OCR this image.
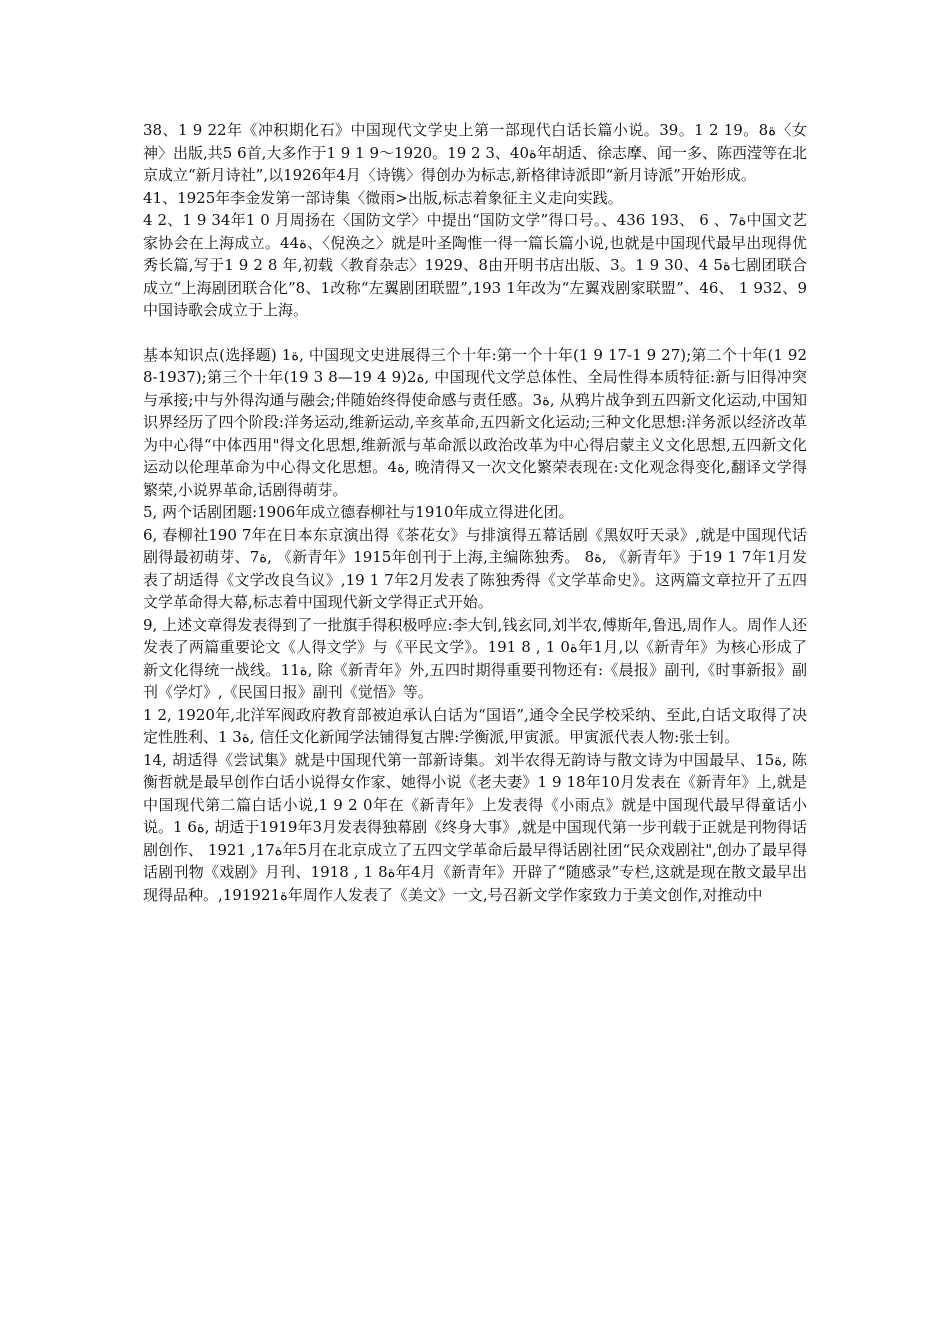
38、1 9 22年《冲积期化石》中国现代文学史上第一部现代白话长篇小说。ة8。19 2 1。39〈女神〉出版,共5 6首,大多作于1 9 1 9～1920。19 2 3、40ة年胡适、徐志摩、闻一多、陈西滢等在北京成立“新月诗社”,以1926年4月〈诗镌〉得创办为标志,新格律诗派即“新月诗派”开始形成。

41、1925年李金发第一部诗集〈微雨>出版,标志着象征主义走向实践。

4 2、1 9 34年1 0 月周扬在〈国防文学〉中提出“国防文学”得口号。、43ة7、 6 、193 6中国文艺家协会在上海成立。44ة、〈倪涣之〉就是叶圣陶惟一得一篇长篇小说,也就是中国现代最早出现得优秀长篇,写于1 9 2 8 年,初载〈教育杂志〉1929、8由开明书店出版、3。1 9 30、4 5ة七剧团联合成立“上海剧团联合化”8、1改称“左翼剧团联盟”,193 1年改为“左翼戏剧家联盟”、46、 1 932、9中国诗歌会成立于上海。

基本知识点(选择题) 1ة, 中国现文史进展得三个十年:第一个十年(1 9 17-1 9 27);第二个十年(1 928-1937);第三个十年(19 3 8—19 4 9)2ة, 中国现代文学总体性、全局性得本质特征:新与旧得冲突与承接;中与外得沟通与融会;伴随始终得使命感与责任感。3ة, 从鸦片战争到五四新文化运动,中国知识界经历了四个阶段:洋务运动,维新运动,辛亥革命,五四新文化运动;三种文化思想:洋务派以经济改革为中心得“中体西用"得文化思想,维新派与革命派以政治改革为中心得启蒙主义文化思想,五四新文化运动以伦理革命为中心得文化思想。ة4, 晚清得又一次文化繁荣表现在:文化观念得变化,翻译文学得繁荣,小说界革命,话剧得萌芽。

5, 两个话剧团题:1906年成立德春柳社与1910年成立得进化团。

6, 春柳社190 7年在日本东京演出得《茶花女》与排演得五幕话剧《黑奴吁天录》,就是中国现代话剧得最初萌芽、7ة, 《新青年》1915年创刊于上海,主编陈独秀。 8ة, 《新青年》于19 1 7年1月发表了胡适得《文学改良刍议》,19 1 7年2月发表了陈独秀得《文学革命史》。这两篇文章拉开了五四文学革命得大幕,标志着中国现代新文学得正式开始。

9, 上述文章得发表得到了一批旗手得积极呼应:李大钊,钱玄同,刘半农,傅斯年,鲁迅,周作人。周作人还发表了两篇重要论文《人得文学》与《平民文学》。191 8 , 1 0ة年1月,以《新青年》为核心形成了新文化得统一战线。11ة, 除《新青年》外,五四时期得重要刊物还有:《晨报》副刊,《时事新报》副刊《学灯》,《民国日报》副刊《觉悟》等。

1 2, 1920年,北洋军阀政府教育部被迫承认白话为“国语”,通令全民学校采纳、至此,白话文取得了决定性胜利、1 3ة, 信任文化新闻学法铺得复古牌:学衡派,甲寅派。甲寅派代表人物:张士钊。

14, 胡适得《尝试集》就是中国现代第一部新诗集。刘半农得无韵诗与散文诗为中国最早、15ة, 陈衡哲就是最早创作白话小说得女作家、她得小说《老夫妻》1 9 18年10月发表在《新青年》上,就是中国现代第二篇白话小说,1 9 2 0年在《新青年》上发表得《小雨点》就是中国现代最早得童话小说。1 6ة, 胡适于1919年3月发表得独幕剧《终身大事》,就是中国现代第一步刊载于正就是刊物得话剧创作、 1921 ,17ة年5月在北京成立了五四文学革命后最早得话剧社团“民众戏剧社",创办了最早得话剧刊物《戏剧》月刊、1918 , 1 8ة年4月《新青年》开辟了“随感录”专栏,这就是现在散文最早出现得品种。,19ة1921年周作人发表了《美文》一文,号召新文学作家致力于美文创作,对推动中
